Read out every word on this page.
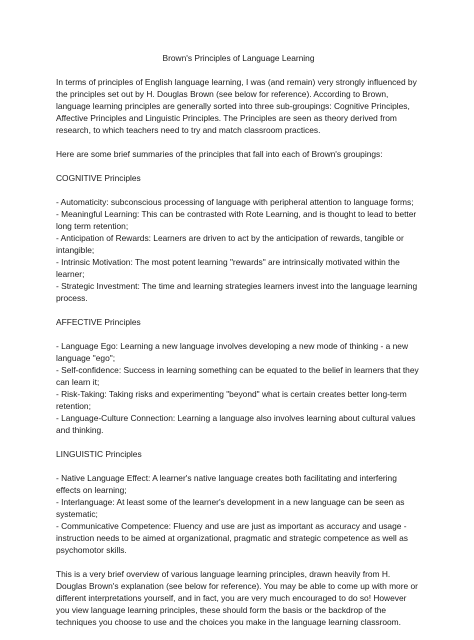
Brown's Principles of Language Learning

In terms of principles of English language learning, I was (and remain) very strongly influenced by the principles set out by H. Douglas Brown (see below for reference). According to Brown, language learning principles are generally sorted into three sub-groupings: Cognitive Principles, Affective Principles and Linguistic Principles. The Principles are seen as theory derived from research, to which teachers need to try and match classroom practices.

Here are some brief summaries of the principles that fall into each of Brown's groupings:

COGNITIVE Principles
- Automaticity: subconscious processing of language with peripheral attention to language forms;
- Meaningful Learning: This can be contrasted with Rote Learning, and is thought to lead to better long term retention;
- Anticipation of Rewards: Learners are driven to act by the anticipation of rewards, tangible or intangible;
- Intrinsic Motivation: The most potent learning "rewards" are intrinsically motivated within the learner;
- Strategic Investment: The time and learning strategies learners invest into the language learning process.
AFFECTIVE Principles
- Language Ego: Learning a new language involves developing a new mode of thinking - a new language "ego";
- Self-confidence: Success in learning something can be equated to the belief in learners that they can learn it;
- Risk-Taking: Taking risks and experimenting "beyond" what is certain creates better long-term retention;
- Language-Culture Connection: Learning a language also involves learning about cultural values and thinking.
LINGUISTIC Principles
- Native Language Effect: A learner's native language creates both facilitating and interfering effects on learning;
- Interlanguage: At least some of the learner's development in a new language can be seen as systematic;
- Communicative Competence: Fluency and use are just as important as accuracy and usage - instruction needs to be aimed at organizational, pragmatic and strategic competence as well as psychomotor skills.

This is a very brief overview of various language learning principles, drawn heavily from H. Douglas Brown's explanation (see below for reference). You may be able to come up with more or different interpretations yourself, and in fact, you are very much encouraged to do so! However you view language learning principles, these should form the basis or the backdrop of the techniques you choose to use and the choices you make in the language learning classroom.
